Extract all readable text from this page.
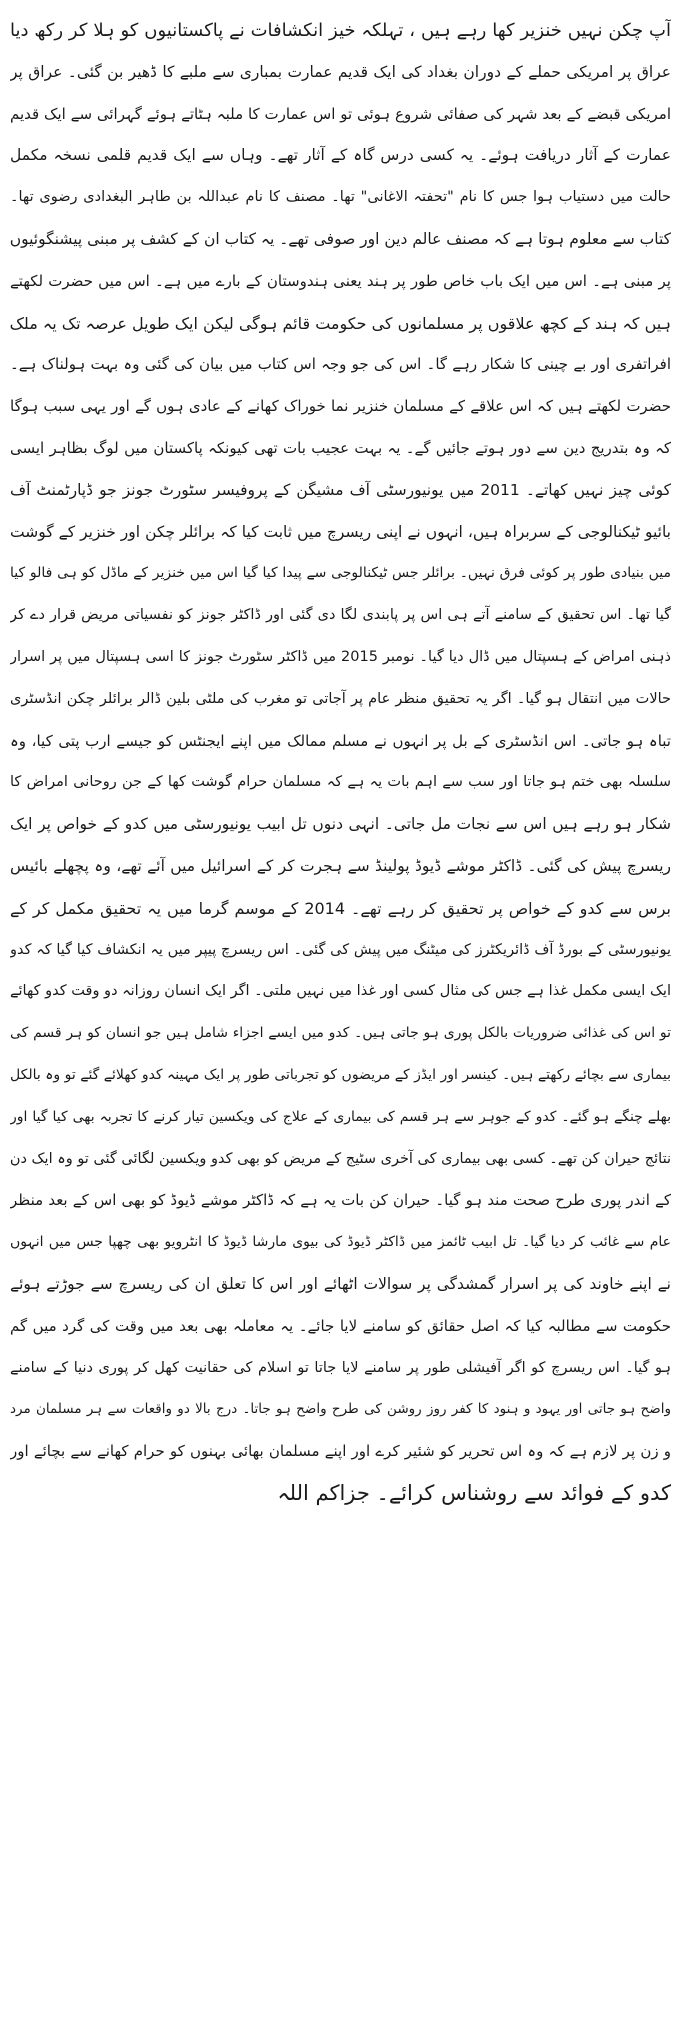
آپ چکن نہیں خنزیر کھا رہے ہیں ، تہلکہ خیز انکشافات نے پاکستانیوں کو ہلا کر رکھ دیا
عراق پر امریکی حملے کے دوران بغداد کی ایک قدیم عمارت بمباری سے ملبے کا ڈھیر بن گئی۔ عراق پر
امریکی قبضے کے بعد شہر کی صفائی شروع ہوئی تو اس عمارت کا ملبہ ہٹاتے ہوئے گہرائی سے ایک قدیم
عمارت کے آثار دریافت ہوئے۔ یہ کسی درس گاہ کے آثار تھے۔ وہاں سے ایک قدیم قلمی نسخہ مکمل
حالت میں دستیاب ہوا جس کا نام "تحفتہ الاغانی" تھا۔ مصنف کا نام عبداللہ بن طاہر البغدادی رضوی تھا۔
کتاب سے معلوم ہوتا ہے کہ مصنف عالم دین اور صوفی تھے۔ یہ کتاب ان کے کشف پر مبنی پیشنگوئیوں
پر مبنی ہے۔ اس میں ایک باب خاص طور پر ہند یعنی ہندوستان کے بارے میں ہے۔ اس میں حضرت لکھتے
ہیں کہ ہند کے کچھ علاقوں پر مسلمانوں کی حکومت قائم ہوگی لیکن ایک طویل عرصہ تک یہ ملک
افراتفری اور بے چینی کا شکار رہے گا۔ اس کی جو وجہ اس کتاب میں بیان کی گئی وہ بہت ہولناک ہے۔
حضرت لکھتے ہیں کہ اس علاقے کے مسلمان خنزیر نما خوراک کھانے کے عادی ہوں گے اور یہی سبب ہوگا
کہ وہ بتدریج دین سے دور ہوتے جائیں گے۔ یہ بہت عجیب بات تھی کیونکہ پاکستان میں لوگ بظاہر ایسی
کوئی چیز نہیں کھاتے۔ 2011 میں یونیورسٹی آف مشیگن کے پروفیسر سٹورٹ جونز جو ڈپارٹمنٹ آف
بائیو ٹیکنالوجی کے سربراہ ہیں، انہوں نے اپنی ریسرچ میں ثابت کیا کہ برائلر چکن اور خنزیر کے گوشت
میں بنیادی طور پر کوئی فرق نہیں۔ برائلر جس ٹیکنالوجی سے پیدا کیا گیا اس میں خنزیر کے ماڈل کو ہی فالو کیا
گیا تھا۔ اس تحقیق کے سامنے آتے ہی اس پر پابندی لگا دی گئی اور ڈاکٹر جونز کو نفسیاتی مریض قرار دے کر
ذہنی امراض کے ہسپتال میں ڈال دیا گیا۔ نومبر 2015 میں ڈاکٹر سٹورٹ جونز کا اسی ہسپتال میں پر اسرار
حالات میں انتقال ہو گیا۔ اگر یہ تحقیق منظر عام پر آجاتی تو مغرب کی ملٹی بلین ڈالر برائلر چکن انڈسٹری
تباہ ہو جاتی۔ اس انڈسٹری کے بل پر انہوں نے مسلم ممالک میں اپنے ایجنٹس کو جیسے ارب پتی کیا، وہ
سلسلہ بھی ختم ہو جاتا اور سب سے اہم بات یہ ہے کہ مسلمان حرام گوشت کھا کے جن روحانی امراض کا
شکار ہو رہے ہیں اس سے نجات مل جاتی۔ انہی دنوں تل ابیب یونیورسٹی میں کدو کے خواص پر ایک
ریسرچ پیش کی گئی۔ ڈاکٹر موشے ڈیوڈ پولینڈ سے ہجرت کر کے اسرائیل میں آئے تھے، وہ پچھلے بائیس
برس سے کدو کے خواص پر تحقیق کر رہے تھے۔ 2014 کے موسم گرما میں یہ تحقیق مکمل کر کے
یونیورسٹی کے بورڈ آف ڈائریکٹرز کی میٹنگ میں پیش کی گئی۔ اس ریسرچ پیپر میں یہ انکشاف کیا گیا کہ کدو
ایک ایسی مکمل غذا ہے جس کی مثال کسی اور غذا میں نہیں ملتی۔ اگر ایک انسان روزانہ دو وقت کدو کھائے
تو اس کی غذائی ضروریات بالکل پوری ہو جاتی ہیں۔ کدو میں ایسے اجزاء شامل ہیں جو انسان کو ہر قسم کی
بیماری سے بچائے رکھتے ہیں۔ کینسر اور ایڈز کے مریضوں کو تجرباتی طور پر ایک مہینہ کدو کھلائے گئے تو وہ بالکل
بھلے چنگے ہو گئے۔ کدو کے جوہر سے ہر قسم کی بیماری کے علاج کی ویکسین تیار کرنے کا تجربہ بھی کیا گیا اور
نتائج حیران کن تھے۔ کسی بھی بیماری کی آخری سٹیج کے مریض کو بھی کدو ویکسین لگائی گئی تو وہ ایک دن
کے اندر پوری طرح صحت مند ہو گیا۔ حیران کن بات یہ ہے کہ ڈاکٹر موشے ڈیوڈ کو بھی اس کے بعد منظر
عام سے غائب کر دیا گیا۔ تل ابیب ٹائمز میں ڈاکٹر ڈیوڈ کی بیوی مارشا ڈیوڈ کا انٹرویو بھی چھپا جس میں انہوں
نے اپنے خاوند کی پر اسرار گمشدگی پر سوالات اٹھائے اور اس کا تعلق ان کی ریسرچ سے جوڑتے ہوئے
حکومت سے مطالبہ کیا کہ اصل حقائق کو سامنے لایا جائے۔ یہ معاملہ بھی بعد میں وقت کی گرد میں گم
ہو گیا۔ اس ریسرچ کو اگر آفیشلی طور پر سامنے لایا جاتا تو اسلام کی حقانیت کھل کر پوری دنیا کے سامنے
واضح ہو جاتی اور یہود و ہنود کا کفر روز روشن کی طرح واضح ہو جاتا۔ درج بالا دو واقعات سے ہر مسلمان مرد
و زن پر لازم ہے کہ وہ اس تحریر کو شئیر کرے اور اپنے مسلمان بھائی بہنوں کو حرام کھانے سے بچائے اور
کدو کے فوائد سے روشناس کرائے۔ جزاکم اللہ
